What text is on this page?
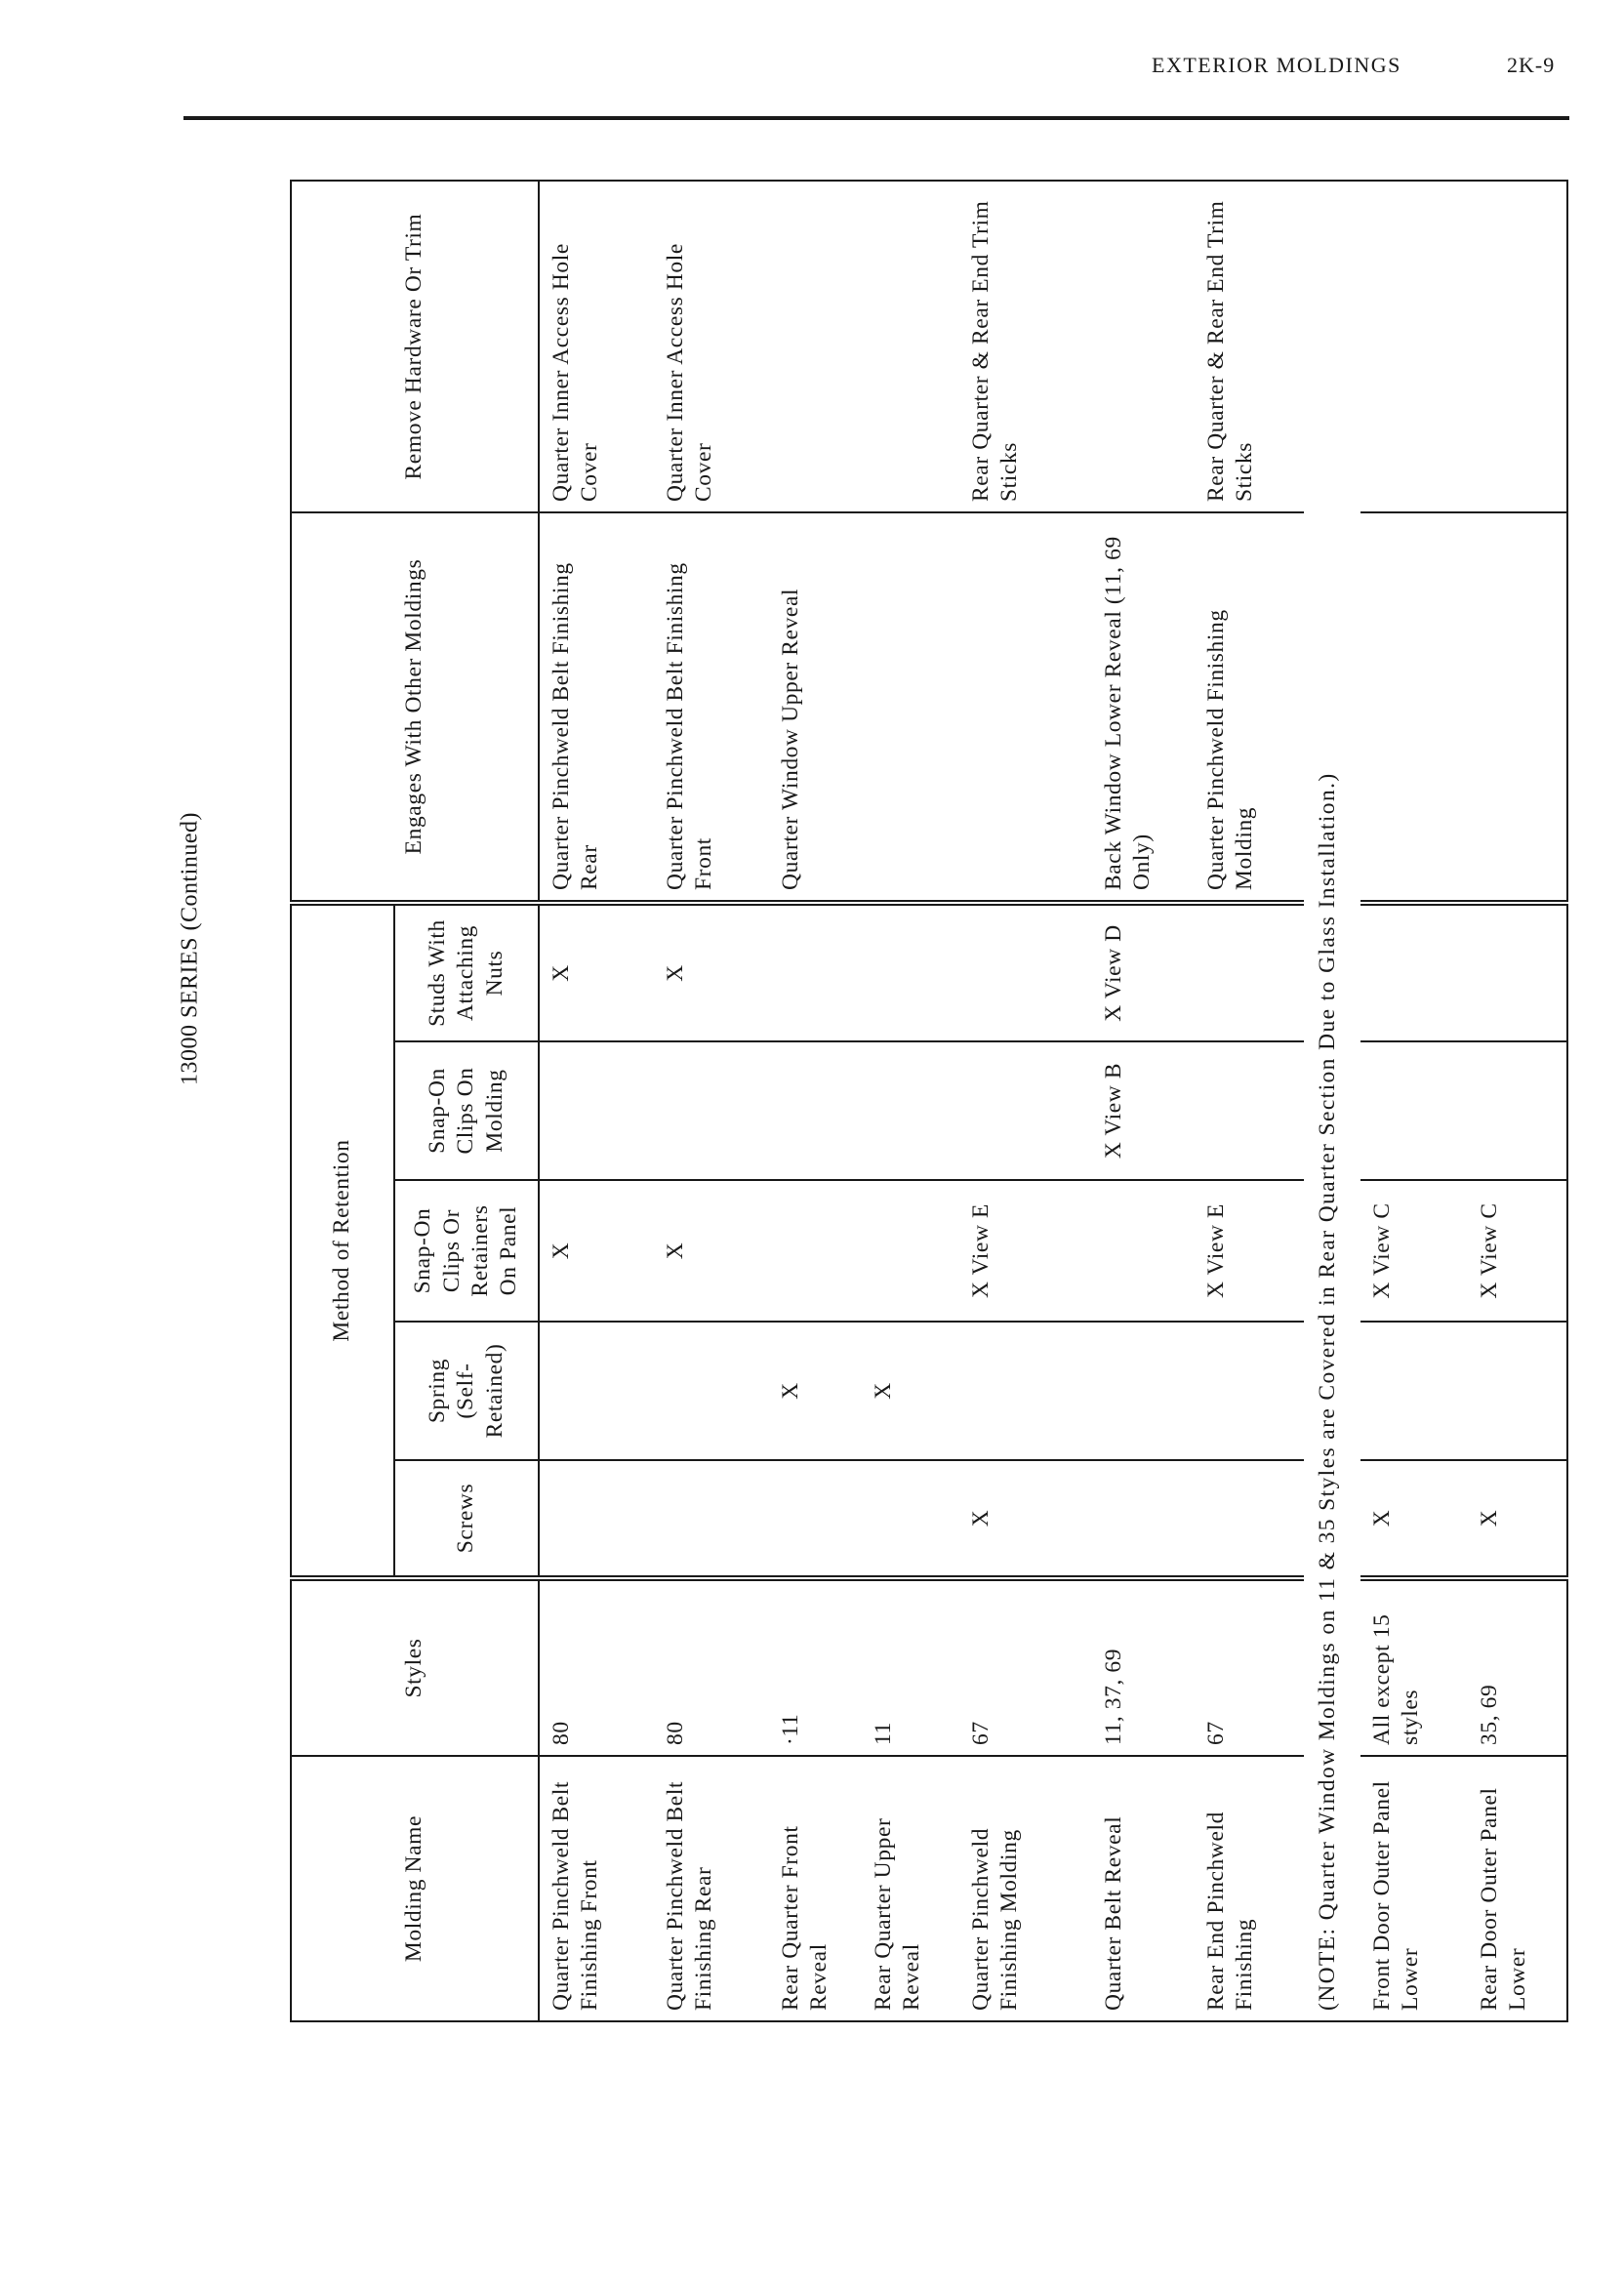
EXTERIOR MOLDINGS	2K-9
13000 SERIES (Continued)
Molding Name	Styles	Method of Retention					Engages With Other Moldings	Remove Hardware Or Trim
		Screws	Spring (Self-Retained)	Snap-On Clips Or Retainers On Panel	Snap-On Clips On Molding	Studs With Attaching Nuts		
Quarter Pinchweld Belt Finishing Front	80			X		X	Quarter Pinchweld Belt Finishing Rear	Quarter Inner Access Hole Cover
Quarter Pinchweld Belt Finishing Rear	80			X		X	Quarter Pinchweld Belt Finishing Front	Quarter Inner Access Hole Cover
Rear Quarter Front Reveal	·11		X				Quarter Window Upper Reveal	
Rear Quarter Upper Reveal	11		X					
Quarter Pinchweld Finishing Molding	67	X		X View E				Rear Quarter & Rear End Trim Sticks
Quarter Belt Reveal	11, 37, 69				X View B	X View D	Back Window Lower Reveal (11, 69 Only)	
Rear End Pinchweld Finishing	67			X View E			Quarter Pinchweld Finishing Molding	Rear Quarter & Rear End Trim Sticks
(NOTE: Quarter Window Moldings on 11 & 35 Styles are Covered in Rear Quarter Section Due to Glass Installation.)								
Front Door Outer Panel Lower	All except 15 styles	X		X View C				
Rear Door Outer Panel Lower	35, 69	X		X View C				
